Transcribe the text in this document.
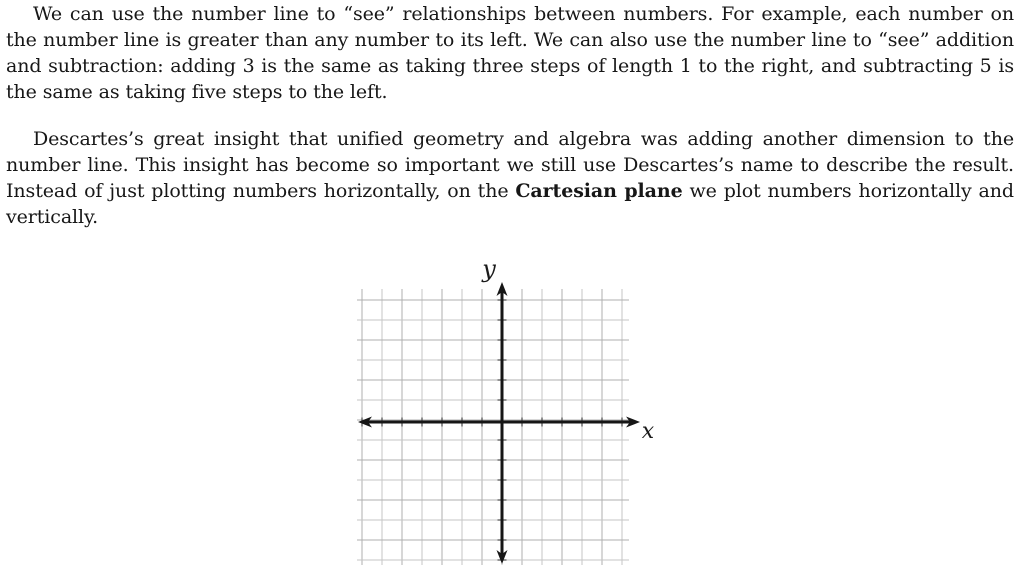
We can use the number line to “see” relationships between numbers. For example, each number on the number line is greater than any number to its left. We can also use the number line to “see” addition and subtraction: adding 3 is the same as taking three steps of length 1 to the right, and subtracting 5 is the same as taking five steps to the left.

Descartes’s great insight that unified geometry and algebra was adding another dimension to the number line. This insight has become so important we still use Descartes’s name to describe the result. Instead of just plotting numbers horizontally, on the Cartesian plane we plot numbers horizontally and vertically.

y
x
